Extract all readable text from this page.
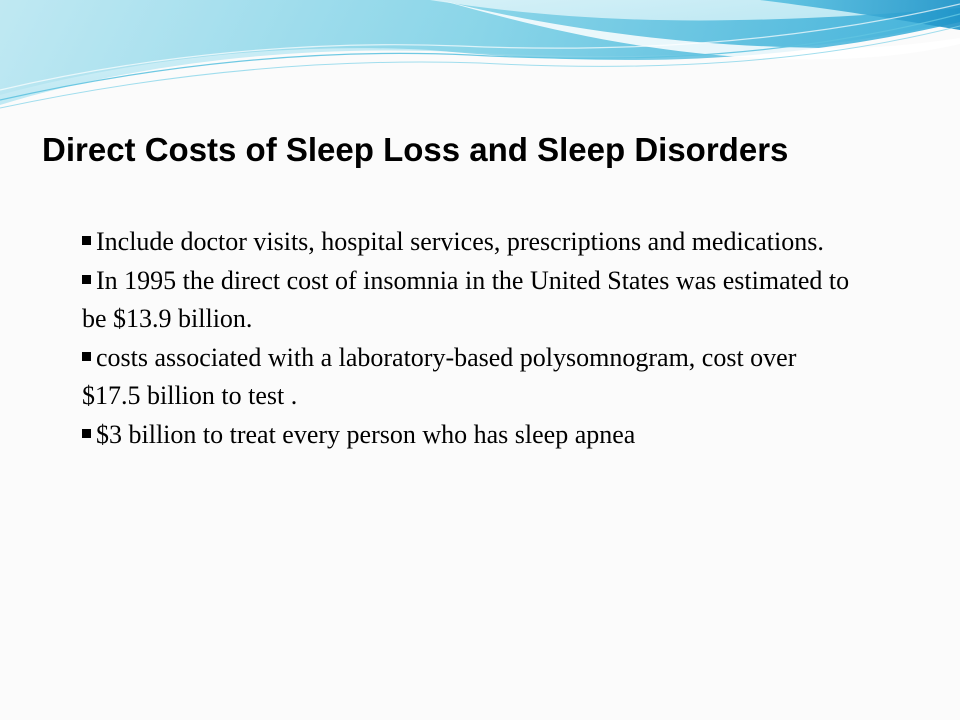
Direct Costs of Sleep Loss and Sleep Disorders
Include doctor visits, hospital services, prescriptions and medications.
In 1995 the direct cost of insomnia in the United States was estimated to be $13.9 billion.
costs associated with a laboratory-based polysomnogram, cost over $17.5 billion to test .
$3 billion to treat every person who has sleep apnea
